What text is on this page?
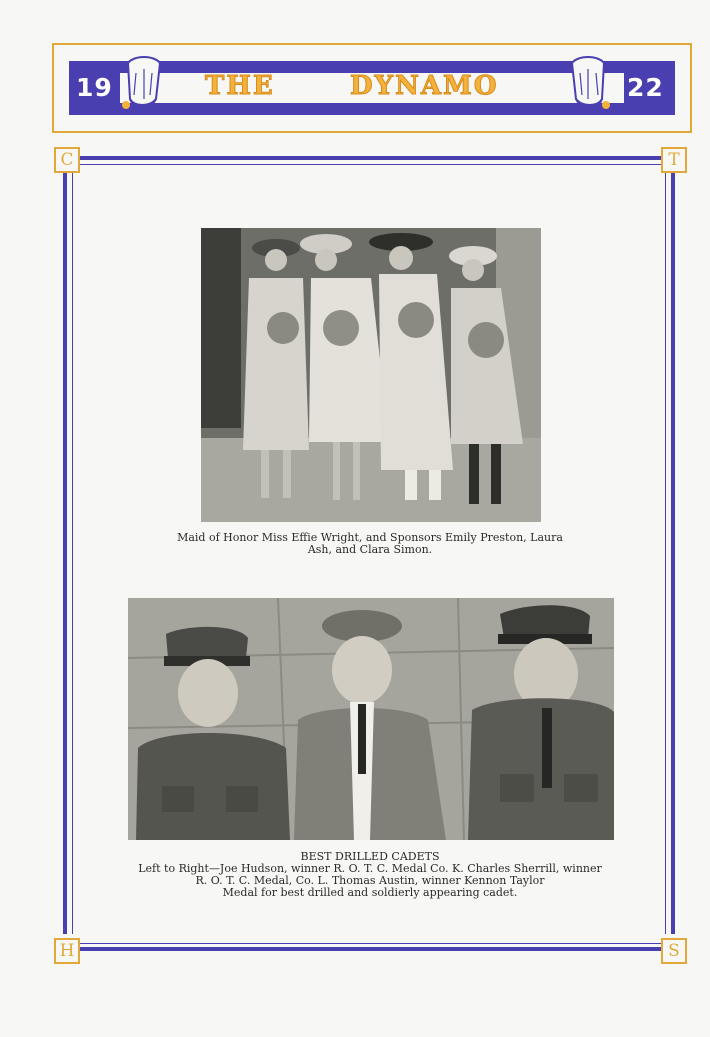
19	22
THE	DYNAMO
C	T
H	S
Maid of Honor Miss Effie Wright, and Sponsors Emily Preston, Laura
Ash, and Clara Simon.
BEST DRILLED CADETS
Left to Right—Joe Hudson, winner R. O. T. C. Medal Co. K. Charles Sherrill, winner
R. O. T. C. Medal, Co. L. Thomas Austin, winner Kennon Taylor
Medal for best drilled and soldierly appearing cadet.
